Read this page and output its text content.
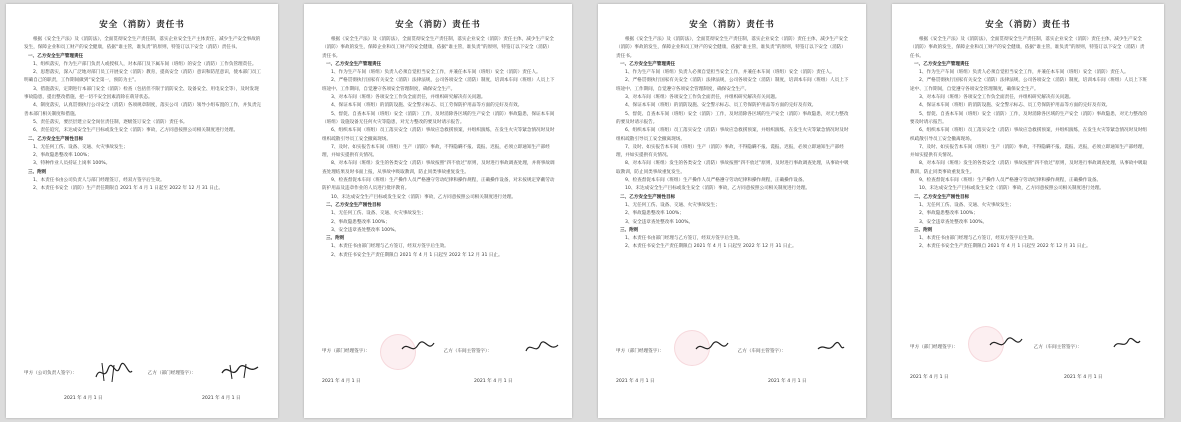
安全（消防）责任书

根据《安全生产法》及《消防法》，全面贯彻安全生产责任制，落实企业安全生产主体责任，减少生产安全事故的发生，保障企业和员工财产的安全健康，依据“谁主管，谁负责”的原则，特签订以下安全（消防）责任书。

一、乙方安全生产管理责任

1、组织落实，作为生产部门负责人或授权人，对本部门及下属车间（班组）的安全（消防）工作负管理責任。

2、思想落实，深入广泛地对部门员工开展安全（消防）教育，提高安全（消防）意识和防范意识，使本部门员工明确自己的职责，工作期间做到“安全第一，预防为主”。

3、措施落实，定期进行本部门安全（消防）检查（包括但不限于消防安全、设备安全、用电安全等），及时发现事故隐患，提出整改措施，把一切不安全因素消除在萌芽状态。

4、制度落实，认真贯彻执行公司安全（消防）各项规章制度，落实公司（消防）领导小组布置的工作，并负责完善本部门相关制度和措施。

5、责任落实，要层层建立安全岗位责任制，逐级签订安全（消防）责任书。

6、责任追究，未达成安全生产目标或发生安全（消防）事故，乙方同意按照公司相关制度进行处理。

二、乙方安全生产刚性目标

1、无任何工伤、设备、交通、火灾事故发生；

2、事故隐患整改率 100%；

3、特种作业人员持证上岗率 100%。

三、附则

1、本责任书由公司负责人与部门经理签订，经双方签字后生效。

2、本责任书安全（消防）生产责任期限自 2021 年 4 月 1 日起至 2022 年 12 月 31 日止。

甲方（公司负责人签字）：	乙方（部门经理签字）：
2021 年 4 月 1 日	2021 年 4 月 1 日
安全（消防）责任书

根据《安全生产法》及《消防法》，全面贯彻安全生产责任制，落实企业安全（消防）责任主体，减少生产安全（消防）事故的发生，保障企业和员工财产的安全健康，依据“谁主管，谁负责”的原则，特签订以下安全（消防）责任书。

一、乙方安全生产管理责任

1、作为生产车间（班组）负责人必须自觉担当安全工作，并兼任本车间（班组）安全（消防）责任人。

2、严格贯彻执行国家有关安全（消防）法律法规，公司各项安全（消防）制度，培训本车间（班组）人员上下班途中、工作期间，自觉遵守各项安全管理制度，确保安全生产。

3、对本车间（班组）各项安全工作负全面责任，并组织研究解决有关问题。

4、保证本车间（班组）的消防设施、安全警示标志、员工劳保防护用品等方面的完好及有效。

5、督促、自查本车间（班组）安全（消防）工作，及时消除各区域的生产安全（消防）事故隐患，保证本车间（班组）设施设备无任何火灾等隐患，对无力整改的要及时请示报告。

6、组织本车间（班组）员工落实安全（消防）事故应急救援预案，并组织演练，在发生火灾等紧急情况时及时组织疏散引导员工安全撤离现场。

7、及时、如实报告本车间（班组）生产（消防）事故，不得隐瞒不报、谎报、迟报，必须立即通知生产部经理，并如实提供有关情况。

8、对本车间（班组）发生的各类安全（消防）事故按照“四不放过”原则，及时进行事故调查处理，并将事故调查处理结果及时书面上报，从事故中吸取教训，防止同类事故重复发生。

9、检查督促本车间（班组）生产操作人员严格遵守劳动纪律和操作规程，正确操作设备，对未按规定穿戴劳动防护用品及违章作业的人员进行批评教育。

10、未达成安全生产目标或发生安全（消防）事故，乙方同意按照公司相关制度进行处理。

二、乙方安全生产刚性目标

1、无任何工伤、设备、交通、火灾事故发生；

2、事故隐患整改率 100%；

3、安全违章查处整改率 100%。

三、附则

1、本责任书由部门经理与乙方签订，经双方签字后生效。

2、本责任书安全生产责任期限自 2021 年 4 月 1 日起至 2022 年 12 月 31 日止。

甲方（部门经理签字）：	乙方（车间主管签字）：
2021 年 4 月 1 日	2021 年 4 月 1 日
安全（消防）责任书

根据《安全生产法》及《消防法》，全面贯彻安全生产责任制，落实企业安全（消防）责任主体，减少生产安全（消防）事故的发生，保障企业和员工财产的安全健康，依据“谁主管，谁负责”的原则，特签订以下安全（消防）责任书。

一、乙方安全生产管理责任

1、作为生产车间（班组）负责人必须自觉担当安全工作，并兼任本车间（班组）安全（消防）责任人。

2、严格贯彻执行国家有关安全（消防）法律法规，公司各项安全（消防）制度，培训本车间（班组）人员上下班途中、工作期间，自觉遵守各项安全管理制度，确保安全生产。

3、对本车间（班组）各项安全工作负全面责任，并组织研究解决有关问题。

4、保证本车间（班组）的消防设施、安全警示标志、员工劳保防护用品等方面的完好及有效。

5、督促、自查本车间（班组）安全（消防）工作，及时消除各区域的生产安全（消防）事故隐患，对无力整改的要及时请示报告。

6、组织本车间（班组）员工落实安全（消防）事故应急救援预案，并组织演练，在发生火灾等紧急情况时及时组织疏散引导员工安全撤离现场。

7、及时、如实报告本车间（班组）生产（消防）事故，不得隐瞒不报、谎报、迟报，必须立即通知生产部经理，并如实提供有关情况。

8、对本车间（班组）发生的各类安全（消防）事故按照“四不放过”原则，及时进行事故调查处理，从事故中吸取教训，防止同类事故重复发生。

9、检查督促本车间（班组）生产操作人员严格遵守劳动纪律和操作规程，正确操作设备。

10、未达成安全生产目标或发生安全（消防）事故，乙方同意按照公司相关制度进行处理。

二、乙方安全生产刚性目标

1、无任何工伤、设备、交通、火灾事故发生；

2、事故隐患整改率 100%；

3、安全违章查处整改率 100%。

三、附则

1、本责任书由部门经理与乙方签订，经双方签字后生效。

2、本责任书安全生产责任期限自 2021 年 4 月 1 日起至 2022 年 12 月 31 日止。

甲方（部门经理签字）：	乙方（车间主管签字）：
2021 年 4 月 1 日	2021 年 4 月 1 日
安全（消防）责任书

根据《安全生产法》及《消防法》，全面贯彻安全生产责任制，落实企业安全（消防）责任主体，减少生产安全（消防）事故的发生，保障企业和员工财产的安全健康，依据“谁主管，谁负责”的原则，特签订以下安全（消防）责任书。

一、乙方安全生产管理责任

1、作为生产车间（班组）负责人必须自觉担当安全工作，并兼任本车间（班组）安全（消防）责任人。

2、严格贯彻执行国家有关安全（消防）法律法规，公司各项安全（消防）制度，培训本车间（班组）人员上下班途中、工作期间，自觉遵守各项安全管理制度，确保安全生产。

3、对本车间（班组）各项安全工作负全面责任，并组织研究解决有关问题。

4、保证本车间（班组）的消防设施、安全警示标志、员工劳保防护用品等方面的完好及有效。

5、督促、自查本车间（班组）安全（消防）工作，及时消除各区域的生产安全（消防）事故隐患，对无力整改的要及时请示报告。

6、组织本车间（班组）员工落实安全（消防）事故应急救援预案，并组织演练，在发生火灾等紧急情况时及时组织疏散引导员工安全撤离现场。

7、及时、如实报告本车间（班组）生产（消防）事故，不得隐瞒不报、谎报、迟报，必须立即通知生产部经理，并如实提供有关情况。

8、对本车间（班组）发生的各类安全（消防）事故按照“四不放过”原则，及时进行事故调查处理，从事故中吸取教训，防止同类事故重复发生。

9、检查督促本车间（班组）生产操作人员严格遵守劳动纪律和操作规程，正确操作设备。

10、未达成安全生产目标或发生安全（消防）事故，乙方同意按照公司相关制度进行处理。

二、乙方安全生产刚性目标

1、无任何工伤、设备、交通、火灾事故发生；

2、事故隐患整改率 100%；

3、安全违章查处整改率 100%。

三、附则

1、本责任书由部门经理与乙方签订，经双方签字后生效。

2、本责任书安全生产责任期限自 2021 年 4 月 1 日起至 2022 年 12 月 31 日止。

甲方（部门经理签字）：	乙方（车间主管签字）：
2021 年 4 月 1 日	2021 年 4 月 1 日
